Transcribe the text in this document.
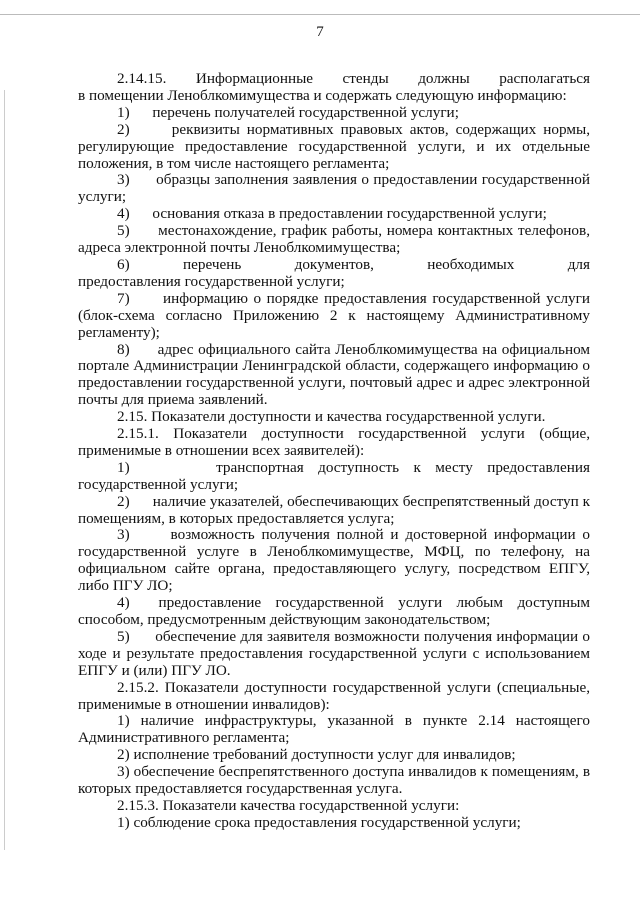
7

2.14.15.      Информационные      стенды      должны      располагаться      в помещении Леноблкомимущества и содержать следующую информацию:

1)      перечень получателей государственной услуги;

2)      реквизиты нормативных правовых актов, содержащих нормы, регулирующие предоставление государственной услуги, и их отдельные положения, в том числе настоящего регламента;

3)      образцы заполнения заявления о предоставлении государственной услуги;

4)      основания отказа в предоставлении государственной услуги;

5)      местонахождение, график работы, номера контактных телефонов, адреса электронной почты Леноблкомимущества;

6)      перечень      документов,      необходимых      для      предоставления государственной услуги;

7)      информацию о порядке предоставления государственной услуги (блок-схема согласно Приложению 2 к настоящему Административному регламенту);

8)      адрес официального сайта Леноблкомимущества на официальном портале Администрации Ленинградской области, содержащего информацию о предоставлении государственной услуги, почтовый адрес и адрес электронной почты для приема заявлений.

2.15. Показатели доступности и качества государственной услуги.

2.15.1.   Показатели   доступности   государственной   услуги   (общие, применимые в отношении всех заявителей):

1)      транспортная доступность к месту предоставления государственной услуги;

2)      наличие указателей, обеспечивающих беспрепятственный доступ к помещениям, в которых предоставляется услуга;

3)      возможность получения полной и достоверной информации о государственной услуге в Леноблкомимуществе, МФЦ, по телефону, на официальном сайте органа, предоставляющего услугу, посредством ЕПГУ, либо ПГУ ЛО;

4)      предоставление   государственной   услуги   любым   доступным способом, предусмотренным действующим законодательством;

5)      обеспечение для заявителя возможности получения информации о ходе и результате предоставления государственной услуги с использованием ЕПГУ и (или) ПГУ ЛО.

2.15.2. Показатели доступности государственной услуги (специальные, применимые в отношении инвалидов):

1) наличие инфраструктуры, указанной в пункте 2.14 настоящего Административного регламента;

2) исполнение требований доступности услуг для инвалидов;

3) обеспечение беспрепятственного доступа инвалидов к помещениям, в которых предоставляется государственная услуга.

2.15.3. Показатели качества государственной услуги:

1) соблюдение срока предоставления государственной услуги;
